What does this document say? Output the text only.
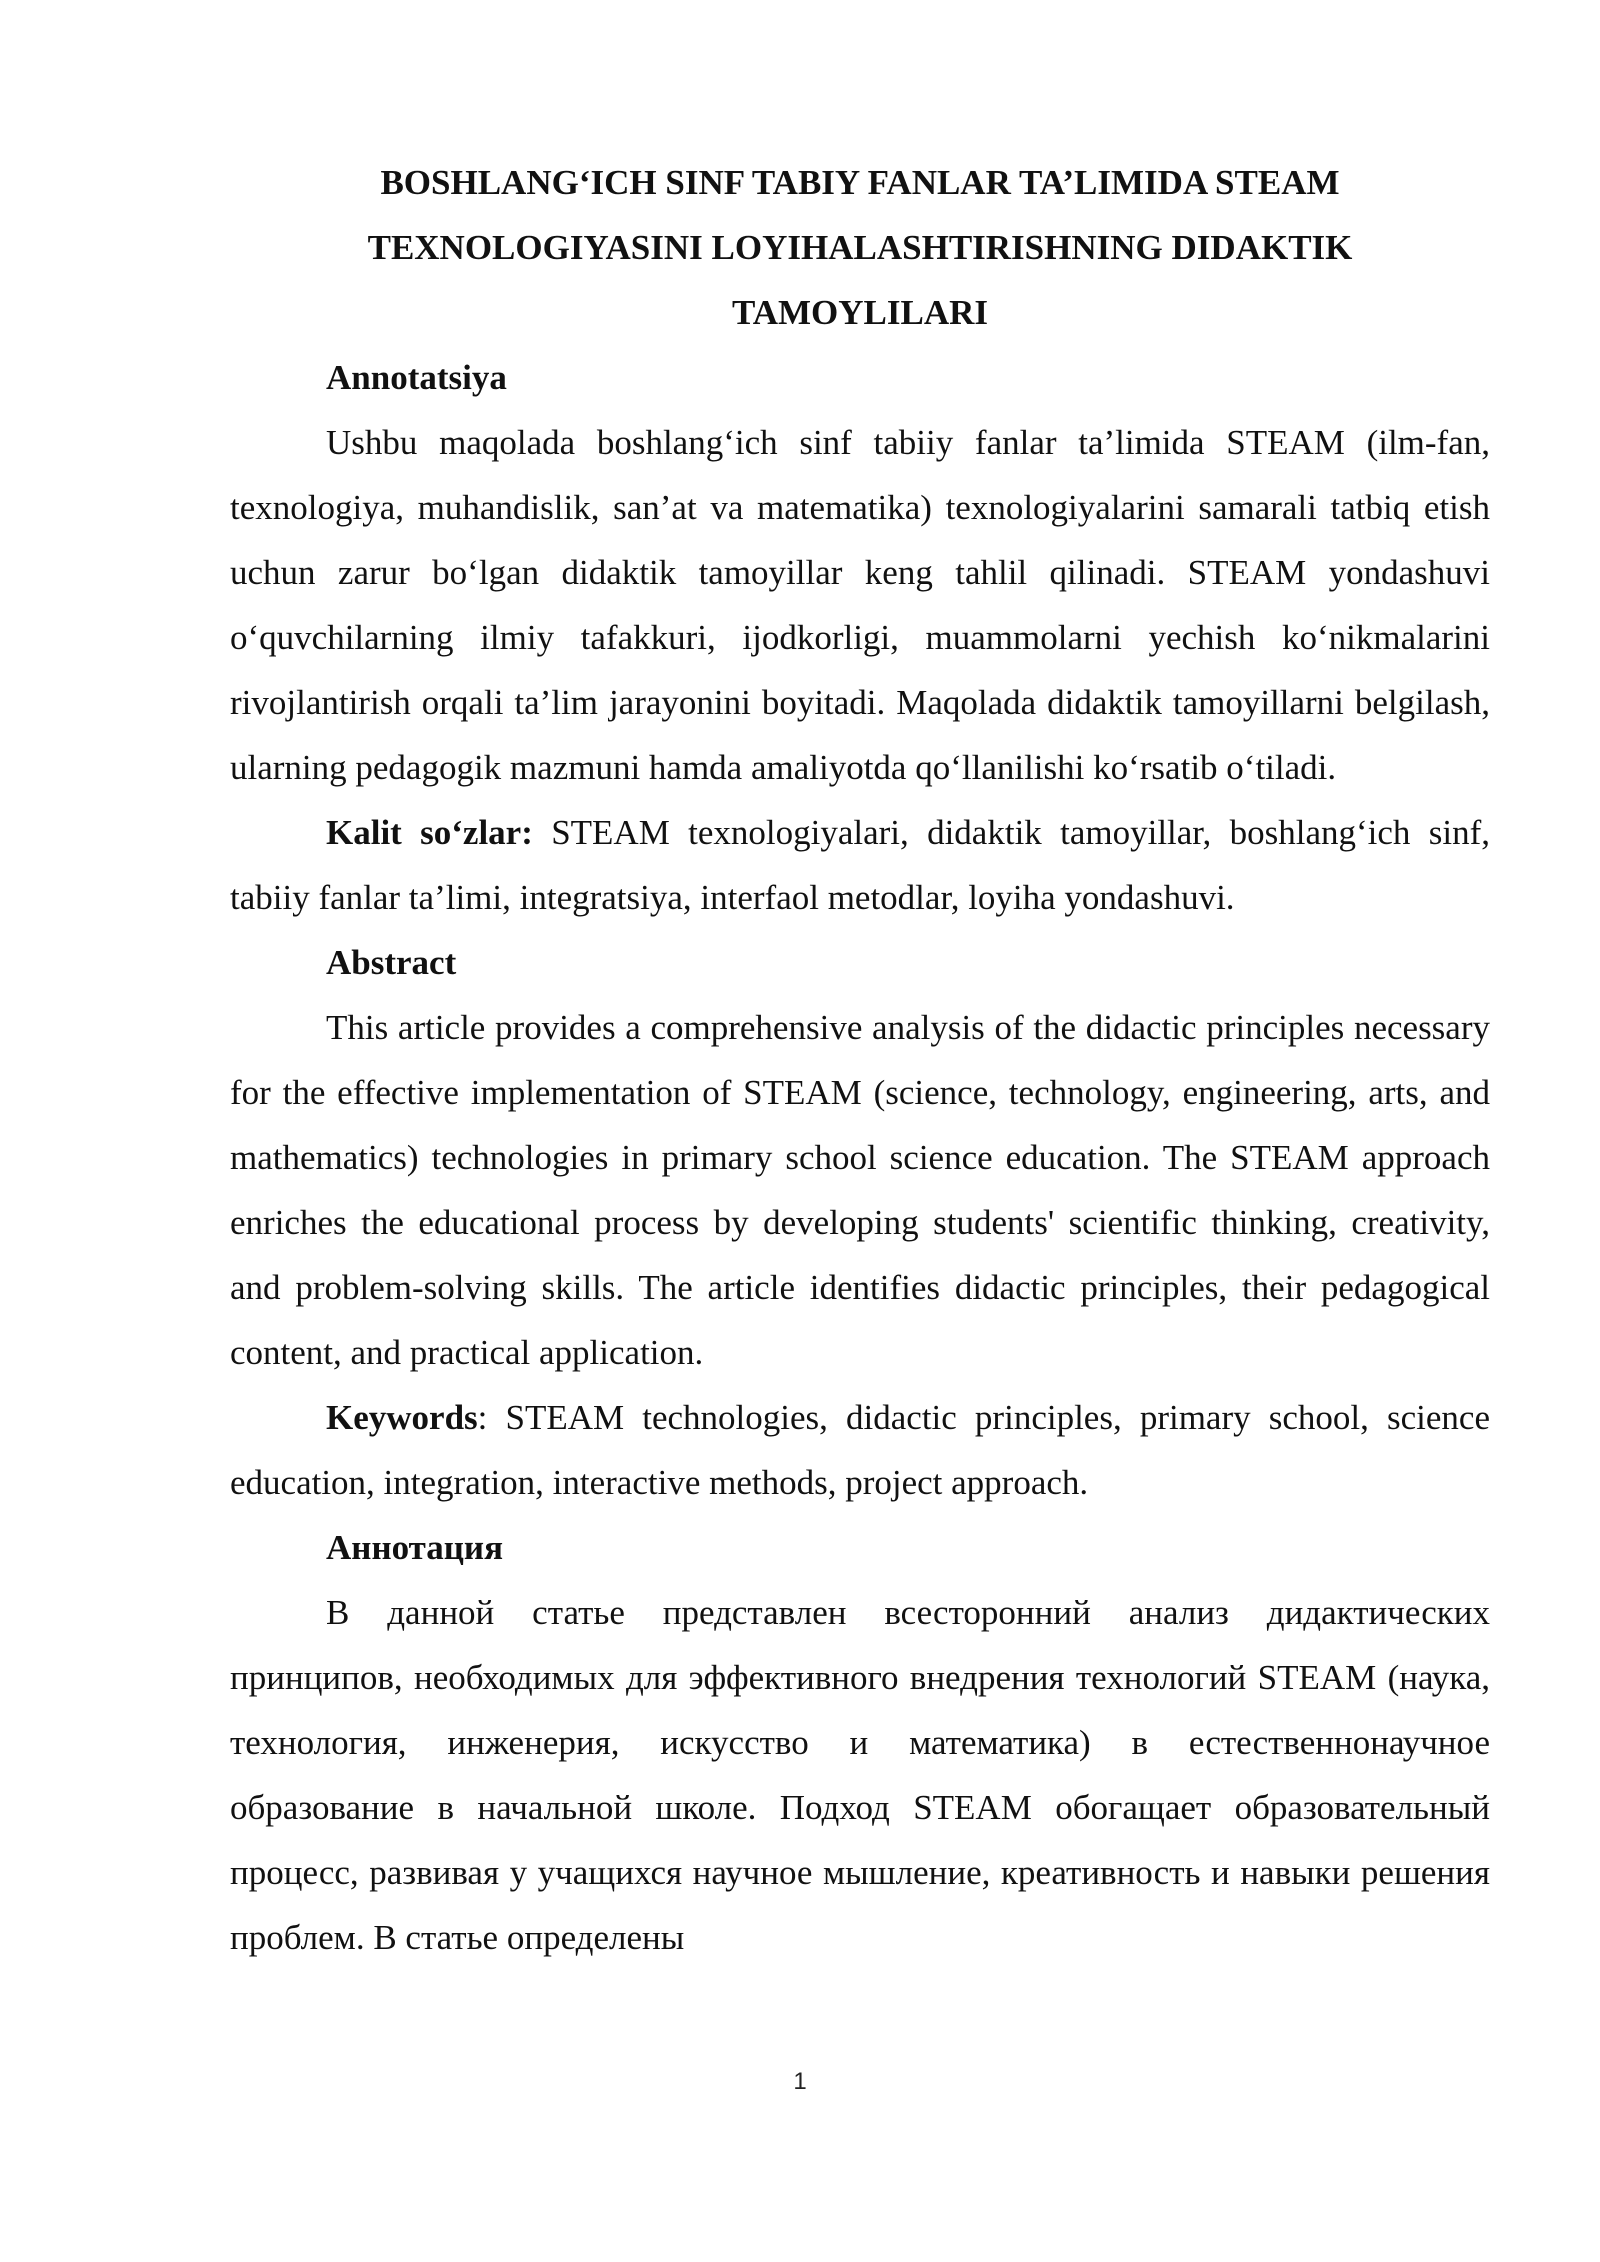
BOSHLANG‘ICH SINF TABIY FANLAR TA’LIMIDA STEAM

TEXNOLOGIYASINI LOYIHALASHTIRISHNING DIDAKTIK

TAMOYLILARI

Annotatsiya

Ushbu maqolada boshlang‘ich sinf tabiiy fanlar ta’limida STEAM (ilm-fan, texnologiya, muhandislik, san’at va matematika) texnologiyalarini samarali tatbiq etish uchun zarur bo‘lgan didaktik tamoyillar keng tahlil qilinadi. STEAM yondashuvi o‘quvchilarning ilmiy tafakkuri, ijodkorligi, muammolarni yechish ko‘nikmalarini rivojlantirish orqali ta’lim jarayonini boyitadi. Maqolada didaktik tamoyillarni belgilash, ularning pedagogik mazmuni hamda amaliyotda qo‘llanilishi ko‘rsatib o‘tiladi.

Kalit so‘zlar: STEAM texnologiyalari, didaktik tamoyillar, boshlang‘ich sinf, tabiiy fanlar ta’limi, integratsiya, interfaol metodlar, loyiha yondashuvi.

Abstract

This article provides a comprehensive analysis of the didactic principles necessary for the effective implementation of STEAM (science, technology, engineering, arts, and mathematics) technologies in primary school science education. The STEAM approach enriches the educational process by developing students' scientific thinking, creativity, and problem-solving skills. The article identifies didactic principles, their pedagogical content, and practical application.

Keywords: STEAM technologies, didactic principles, primary school, science education, integration, interactive methods, project approach.

Аннотация

В данной статье представлен всесторонний анализ дидактических принципов, необходимых для эффективного внедрения технологий STEAM (наука, технология, инженерия, искусство и математика) в естественнонаучное образование в начальной школе. Подход STEAM обогащает образовательный процесс, развивая у учащихся научное мышление, креативность и навыки решения проблем. В статье определены

1
